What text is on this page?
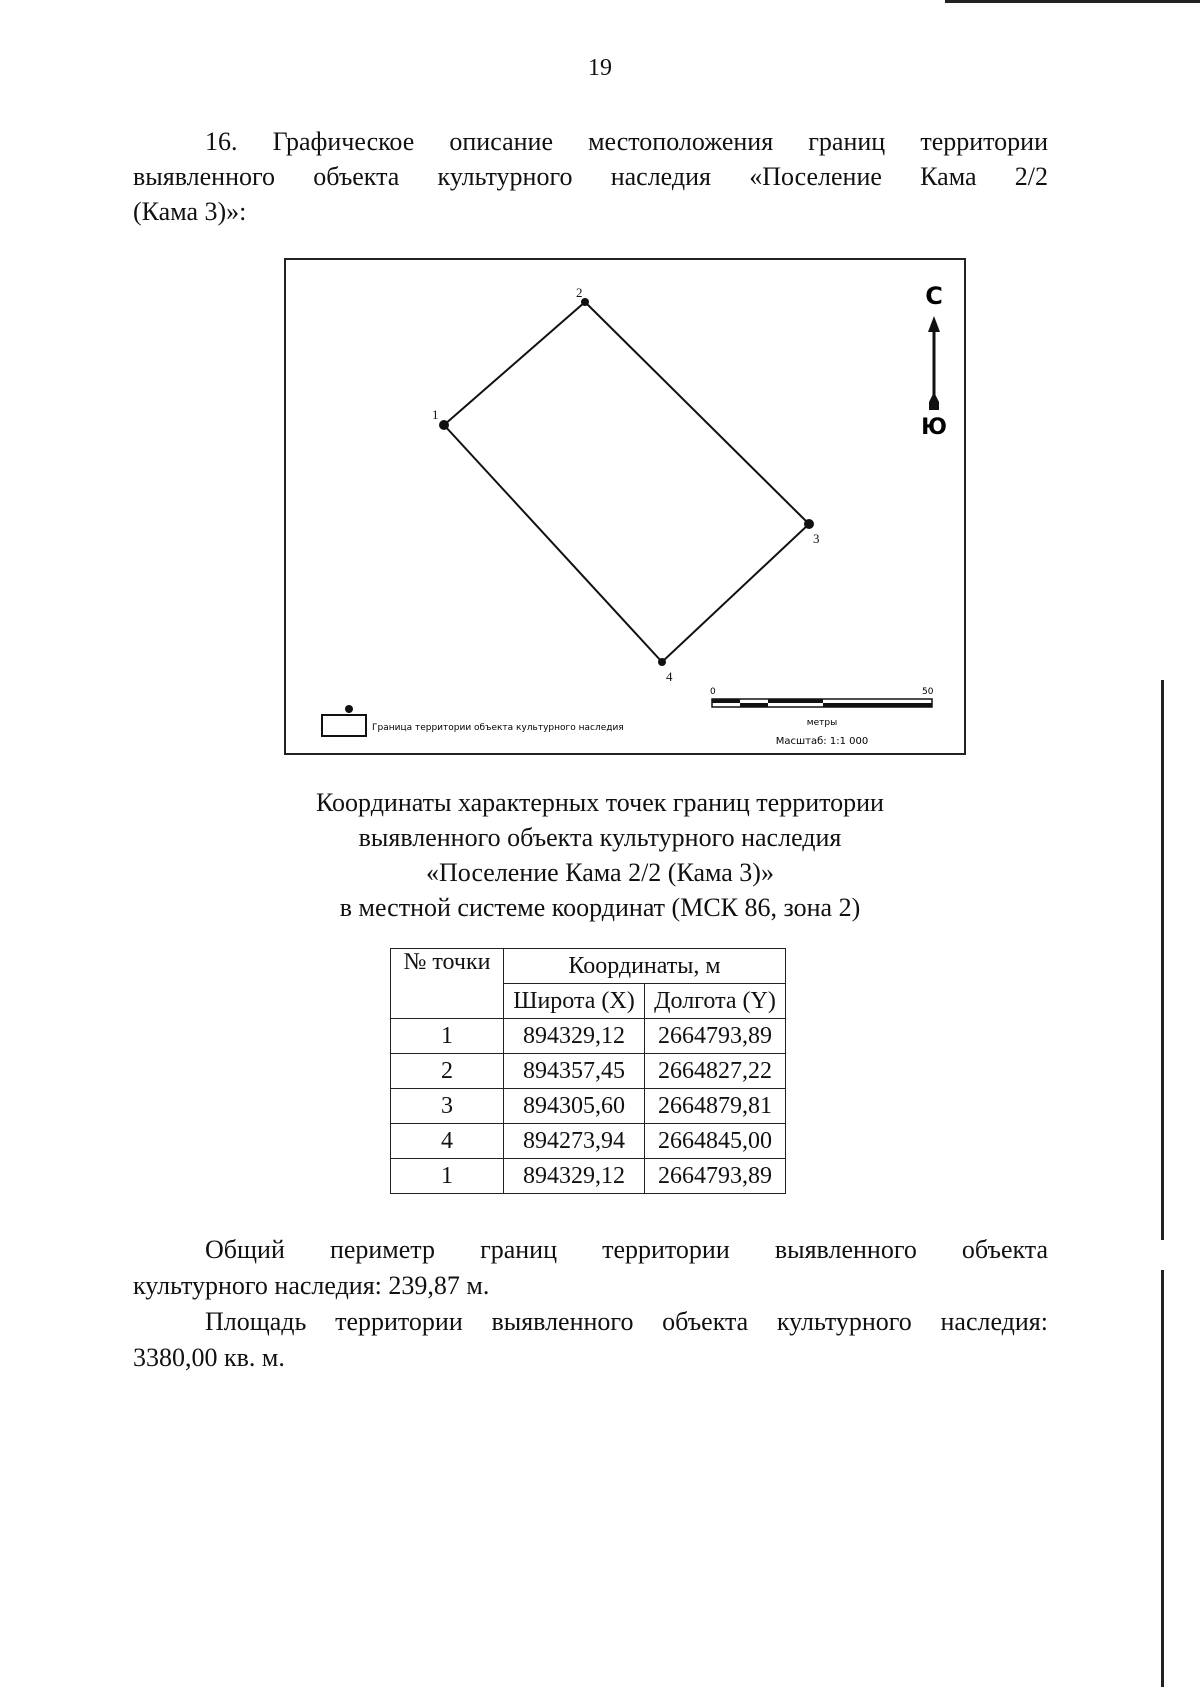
19
16. Графическое описание местоположения границ территории
выявленного объекта культурного наследия «Поселение Кама 2/2
(Кама 3)»:
1
2
3
4
С
Ю
0	50
метры
Масштаб: 1:1 000
Граница территории объекта культурного наследия
Координаты характерных точек границ территории
выявленного объекта культурного наследия
«Поселение Кама 2/2 (Кама 3)»
в местной системе координат (МСК 86, зона 2)
№ точки	Координаты, м	
	Широта (X)	Долгота (Y)
1	894329,12	2664793,89
2	894357,45	2664827,22
3	894305,60	2664879,81
4	894273,94	2664845,00
1	894329,12	2664793,89
Общий периметр границ территории выявленного объекта
культурного наследия: 239,87 м.
Площадь территории выявленного объекта культурного наследия:
3380,00 кв. м.
